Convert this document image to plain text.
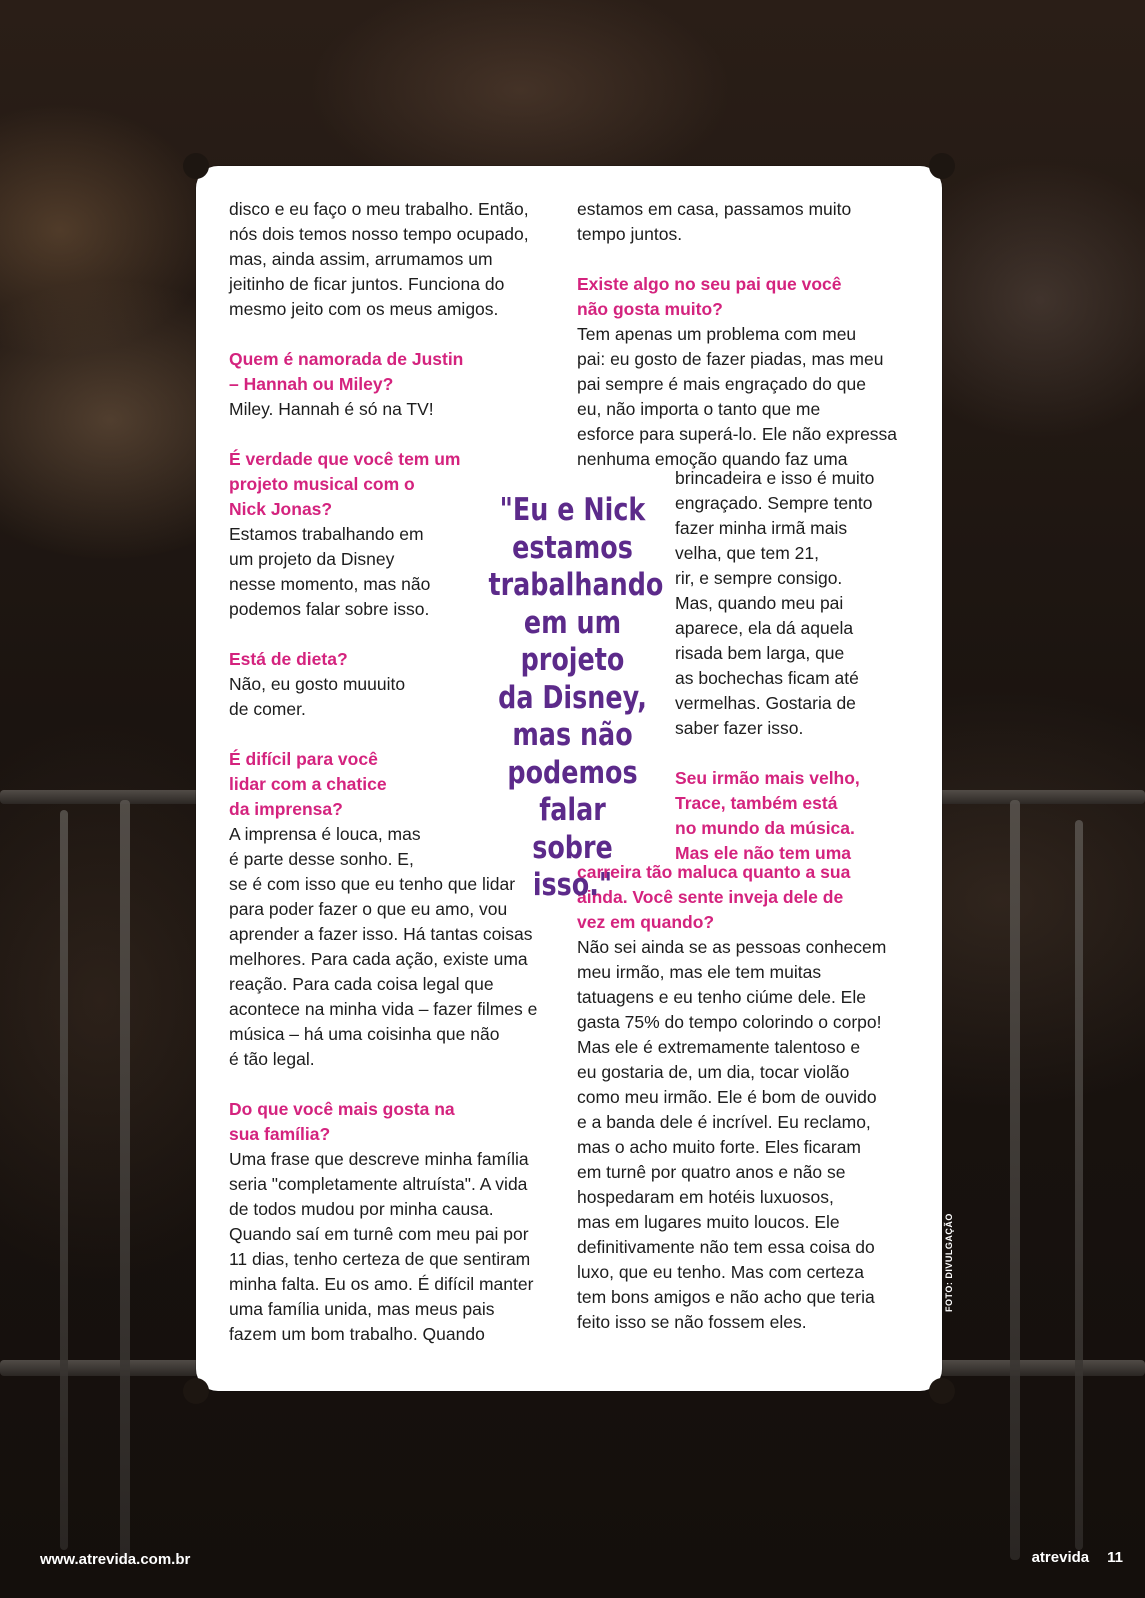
disco e eu faço o meu trabalho. Então,
nós dois temos nosso tempo ocupado,
mas, ainda assim, arrumamos um
jeitinho de ficar juntos. Funciona do
mesmo jeito com os meus amigos.

Quem é namorada de Justin
– Hannah ou Miley?
Miley. Hannah é só na TV!

É verdade que você tem um
projeto musical com o
Nick Jonas?
Estamos trabalhando em
um projeto da Disney
nesse momento, mas não
podemos falar sobre isso.

Está de dieta?
Não, eu gosto muuuito
de comer.

É difícil para você
lidar com a chatice
da imprensa?
A imprensa é louca, mas
é parte desse sonho. E,
se é com isso que eu tenho que lidar
para poder fazer o que eu amo, vou
aprender a fazer isso. Há tantas coisas
melhores. Para cada ação, existe uma
reação. Para cada coisa legal que
acontece na minha vida – fazer filmes e
música – há uma coisinha que não
é tão legal.

Do que você mais gosta na
sua família?
Uma frase que descreve minha família
seria "completamente altruísta". A vida
de todos mudou por minha causa.
Quando saí em turnê com meu pai por
11 dias, tenho certeza de que sentiram
minha falta. Eu os amo. É difícil manter
uma família unida, mas meus pais
fazem um bom trabalho. Quando

estamos em casa, passamos muito
tempo juntos.

Existe algo no seu pai que você
não gosta muito?
Tem apenas um problema com meu
pai: eu gosto de fazer piadas, mas meu
pai sempre é mais engraçado do que
eu, não importa o tanto que me
esforce para superá-lo. Ele não expressa
nenhuma emoção quando faz uma

brincadeira e isso é muito
engraçado. Sempre tento
fazer minha irmã mais
velha, que tem 21,
rir, e sempre consigo.
Mas, quando meu pai
aparece, ela dá aquela
risada bem larga, que
as bochechas ficam até
vermelhas. Gostaria de
saber fazer isso.

Seu irmão mais velho,
Trace, também está
no mundo da música.
Mas ele não tem uma

carreira tão maluca quanto a sua
ainda. Você sente inveja dele de
vez em quando?
Não sei ainda se as pessoas conhecem
meu irmão, mas ele tem muitas
tatuagens e eu tenho ciúme dele. Ele
gasta 75% do tempo colorindo o corpo!
Mas ele é extremamente talentoso e
eu gostaria de, um dia, tocar violão
como meu irmão. Ele é bom de ouvido
e a banda dele é incrível. Eu reclamo,
mas o acho muito forte. Eles ficaram
em turnê por quatro anos e não se
hospedaram em hotéis luxuosos,
mas em lugares muito loucos. Ele
definitivamente não tem essa coisa do
luxo, que eu tenho. Mas com certeza
tem bons amigos e não acho que teria
feito isso se não fossem eles.

"Eu e Nick
estamos
trabalhando
em um
projeto
da Disney,
mas não
podemos falar
sobre isso."
FOTO: DIVULGAÇÃO
www.atrevida.com.br	atrevida 11
